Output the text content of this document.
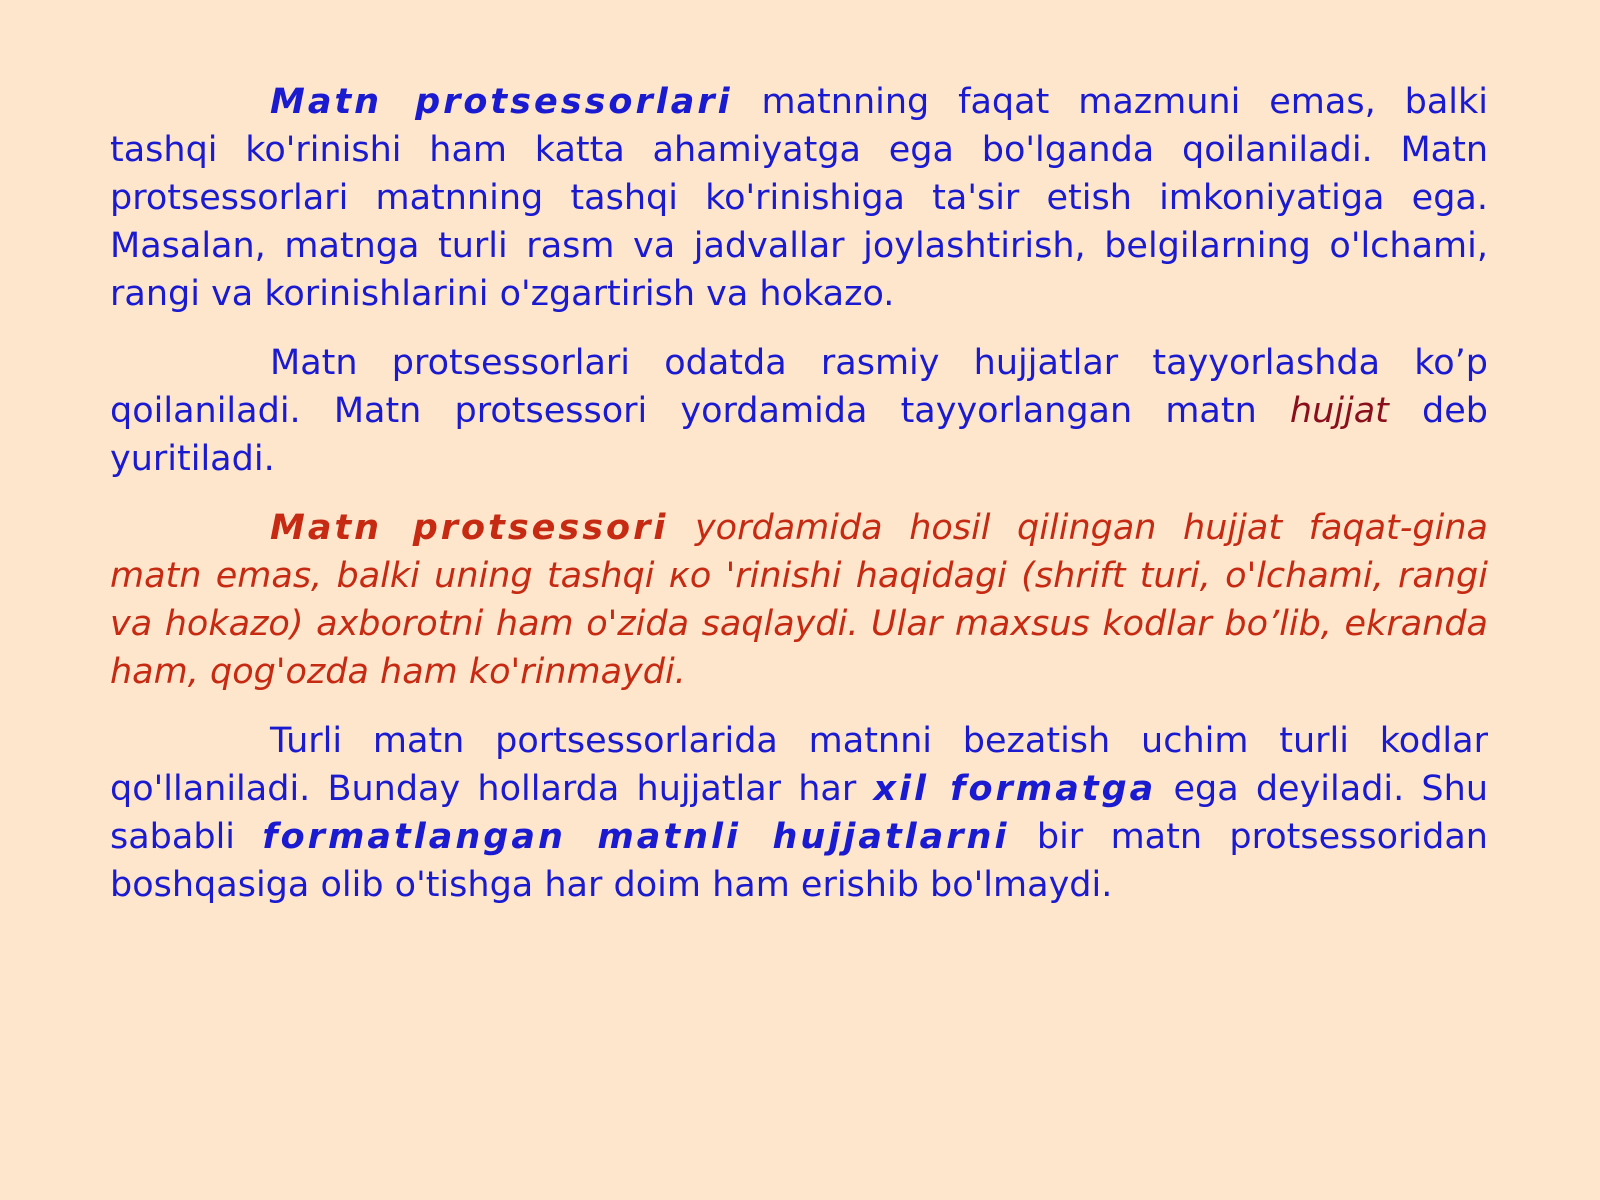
Matn protsessorlari matnning faqat mazmuni emas, balki tashqi ko'rinishi ham katta ahamiyatga ega bo'lganda qoilaniladi. Matn protsessorlari matnning tashqi ko'rinishiga ta'sir etish imkoniyatiga ega. Masalan, matnga turli rasm va jadvallar joylashtirish, belgilarning o'lchami, rangi va korinishlarini o'zgartirish va hokazo.

Matn protsessorlari odatda rasmiy hujjatlar tayyorlashda ko’p qoilaniladi. Matn protsessori yordamida tayyorlangan matn hujjat deb yuritiladi.

Matn protsessori yordamida hosil qilingan hujjat faqat-gina matn emas, balki uning tashqi ко 'rinishi haqidagi (shrift turi, o'lchami, rangi va hokazo) axborotni ham o'zida saqlaydi. Ular maxsus kodlar bo’lib, ekranda ham, qog'ozda ham ko'rinmaydi.

Turli matn portsessorlarida matnni bezatish uchim turli kodlar qo'llaniladi. Bunday hollarda hujjatlar har xil formatga ega deyiladi. Shu sababli formatlangan matnli hujjatlarni bir matn protsessoridan boshqasiga olib o'tishga har doim ham erishib bo'lmaydi.
